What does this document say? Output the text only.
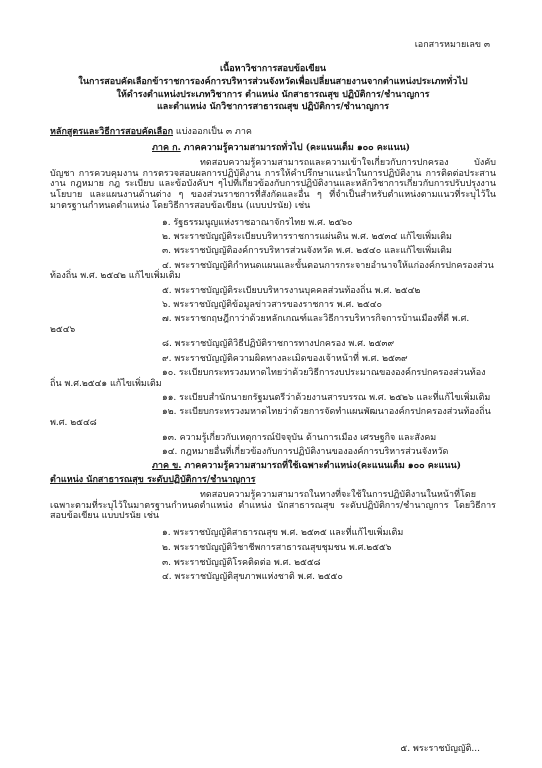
เอกสารหมายเลข ๓
เนื้อหาวิชาการสอบข้อเขียน
ในการสอบคัดเลือกข้าราชการองค์การบริหารส่วนจังหวัดเพื่อเปลี่ยนสายงานจากตำแหน่งประเภททั่วไป
ให้ดำรงตำแหน่งประเภทวิชาการ ตำแหน่ง นักสาธารณสุข ปฏิบัติการ/ชำนาญการ
และตำแหน่ง นักวิชาการสาธารณสุข ปฏิบัติการ/ชำนาญการ
หลักสูตรและวิธีการสอบคัดเลือก แบ่งออกเป็น ๓ ภาค
ภาค ก. ภาคความรู้ความสามารถทั่วไป (คะแนนเต็ม ๑๐๐ คะแนน)
ทดสอบความรู้ความสามารถและความเข้าใจเกี่ยวกับการปกครอง บังคับบัญชา การควบคุมงาน การตรวจสอบผลการปฏิบัติงาน การให้คำปรึกษาแนะนำในการปฏิบัติงาน การติดต่อประสานงาน กฎหมาย กฎ ระเบียบ และข้อบังคับฯ ๆไปที่เกี่ยวข้องกับการปฏิบัติงานและหลักวิชาการเกี่ยวกับการปรับปรุงงาน นโยบาย และแผนงานด้านต่าง ๆ ของส่วนราชการที่สังกัดและอื่น ๆ ที่จำเป็นสำหรับตำแหน่งตามแนวที่ระบุไว้ในมาตรฐานกำหนดตำแหน่ง โดยวิธีการสอบข้อเขียน (แบบปรนัย) เช่น
๑. รัฐธรรมนูญแห่งราชอาณาจักรไทย พ.ศ. ๒๕๖๐
๒. พระราชบัญญัติระเบียบบริหารราชการแผ่นดิน พ.ศ. ๒๕๓๔ แก้ไขเพิ่มเติม
๓. พระราชบัญญัติองค์การบริหารส่วนจังหวัด พ.ศ. ๒๕๔๐ และแก้ไขเพิ่มเติม
๔. พระราชบัญญัติกำหนดแผนและขั้นตอนการกระจายอำนาจให้แก่องค์กรปกครองส่วนท้องถิ่น พ.ศ. ๒๕๔๒ แก้ไขเพิ่มเติม
๕. พระราชบัญญัติระเบียบบริหารงานบุคคลส่วนท้องถิ่น พ.ศ. ๒๕๔๒
๖. พระราชบัญญัติข้อมูลข่าวสารของราชการ พ.ศ. ๒๕๔๐
๗. พระราชกฤษฎีกาว่าด้วยหลักเกณฑ์และวิธีการบริหารกิจการบ้านเมืองที่ดี พ.ศ. ๒๕๔๖
๘. พระราชบัญญัติวิธีปฏิบัติราชการทางปกครอง พ.ศ. ๒๕๓๙
๙. พระราชบัญญัติความผิดทางละเมิดของเจ้าหน้าที่ พ.ศ. ๒๕๓๙
๑๐. ระเบียบกระทรวงมหาดไทยว่าด้วยวิธีการงบประมาณขององค์กรปกครองส่วนท้องถิ่น พ.ศ.๒๕๔๑ แก้ไขเพิ่มเติม
๑๑. ระเบียบสำนักนายกรัฐมนตรีว่าด้วยงานสารบรรณ พ.ศ. ๒๕๒๖ และที่แก้ไขเพิ่มเติม
๑๒. ระเบียบกระทรวงมหาดไทยว่าด้วยการจัดทำแผนพัฒนาองค์กรปกครองส่วนท้องถิ่น พ.ศ. ๒๕๔๘
๑๓. ความรู้เกี่ยวกับเหตุการณ์ปัจจุบัน ด้านการเมือง เศรษฐกิจ และสังคม
๑๔. กฎหมายอื่นที่เกี่ยวข้องกับการปฏิบัติงานขององค์การบริหารส่วนจังหวัด
ภาค ข. ภาคความรู้ความสามารถที่ใช้เฉพาะตำแหน่ง(คะแนนเต็ม ๑๐๐ คะแนน)
ตำแหน่ง นักสาธารณสุข ระดับปฏิบัติการ/ชำนาญการ
ทดสอบความรู้ความสามารถในทางที่จะใช้ในการปฏิบัติงานในหน้าที่โดยเฉพาะตามที่ระบุไว้ในมาตรฐานกำหนดตำแหน่ง ตำแหน่ง นักสาธารณสุข ระดับปฏิบัติการ/ชำนาญการ โดยวิธีการสอบข้อเขียน แบบปรนัย เช่น
๑. พระราชบัญญัติสาธารณสุข พ.ศ. ๒๕๓๕ และที่แก้ไขเพิ่มเติม
๒. พระราชบัญญัติวิชาชีพการสาธารณสุขชุมชน พ.ศ.๒๕๕๖
๓. พระราชบัญญัติโรคติดต่อ พ.ศ. ๒๕๕๘
๔. พระราชบัญญัติสุขภาพแห่งชาติ พ.ศ. ๒๕๕๐
๕. พระราชบัญญัติ...
